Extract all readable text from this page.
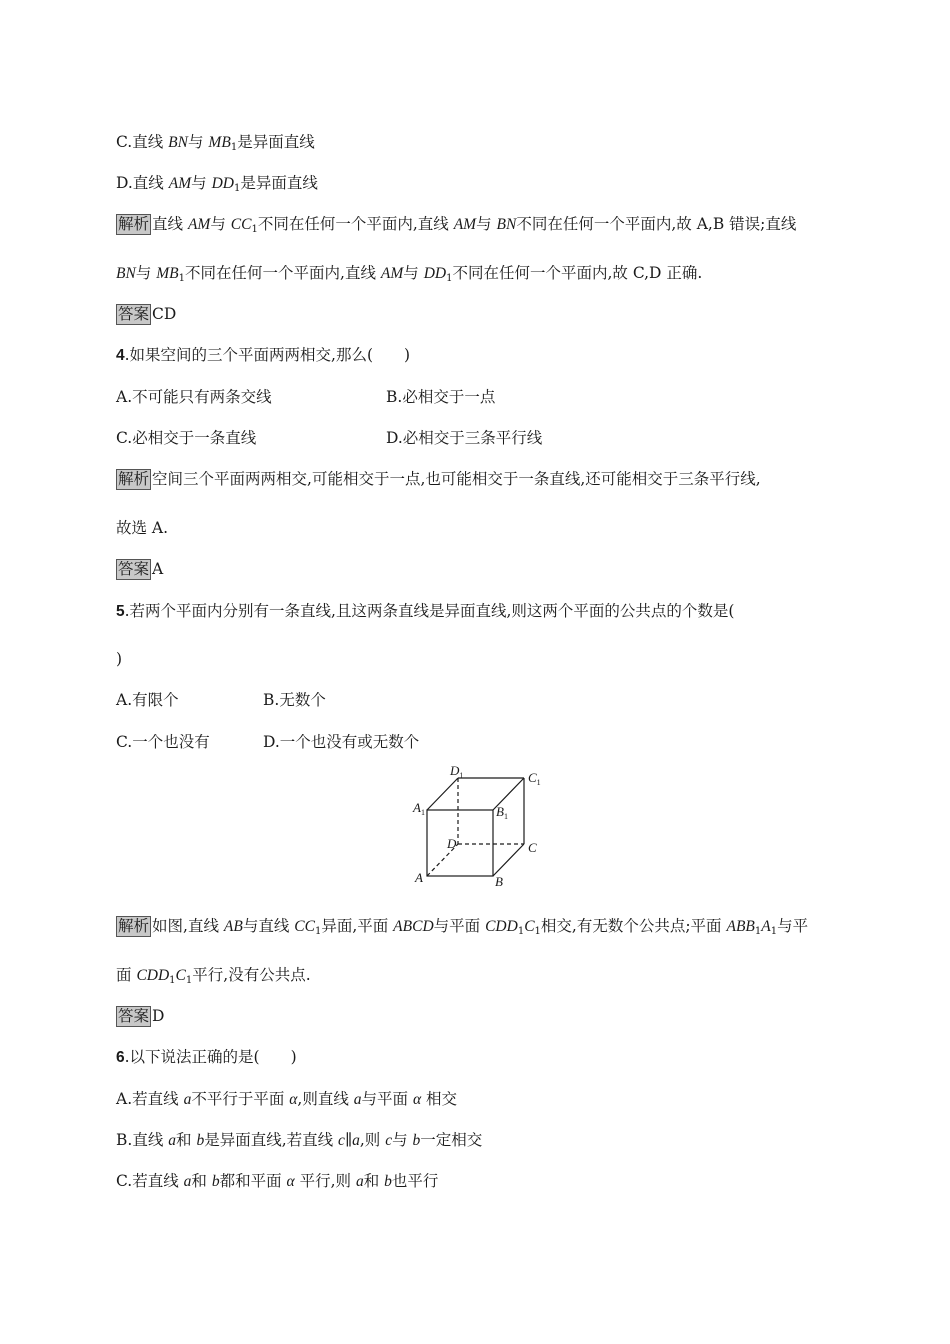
C.直线 BN与 $MB_1$是异面直线
D.直线 AM与 $DD_1$是异面直线
解析 直线 AM与 $CC_1$不同在任何一个平面内,直线 AM与 BN不同在任何一个平面内,故 A,B 错误;直线
BN与 $MB_1$不同在任何一个平面内,直线 AM与 $DD_1$不同在任何一个平面内,故 C,D 正确.
答案 CD
4.如果空间的三个平面两两相交,那么(　　)
A.不可能只有两条交线	B.必相交于一点
C.必相交于一条直线	D.必相交于三条平行线
解析 空间三个平面两两相交,可能相交于一点,也可能相交于一条直线,还可能相交于三条平行线,
故选 A.
答案 A
5.若两个平面内分别有一条直线,且这两条直线是异面直线,则这两个平面的公共点的个数是(
)
A.有限个	B.无数个
C.一个也没有	D.一个也没有或无数个
$D_1$	$C_1$
$A_1$	$B_1$
D	C
A	B
解析 如图,直线 AB与直线 $CC_1$异面,平面 ABCD与平面 $CDD_1C_1$相交,有无数个公共点;平面 $ABB_1A_1$与平
面 $CDD_1C_1$平行,没有公共点.
答案 D
6.以下说法正确的是(　　)
A.若直线 a不平行于平面 α,则直线 a与平面 α 相交
B.直线 a和 b是异面直线,若直线 c∥a,则 c与 b一定相交
C.若直线 a和 b都和平面 α 平行,则 a和 b也平行
